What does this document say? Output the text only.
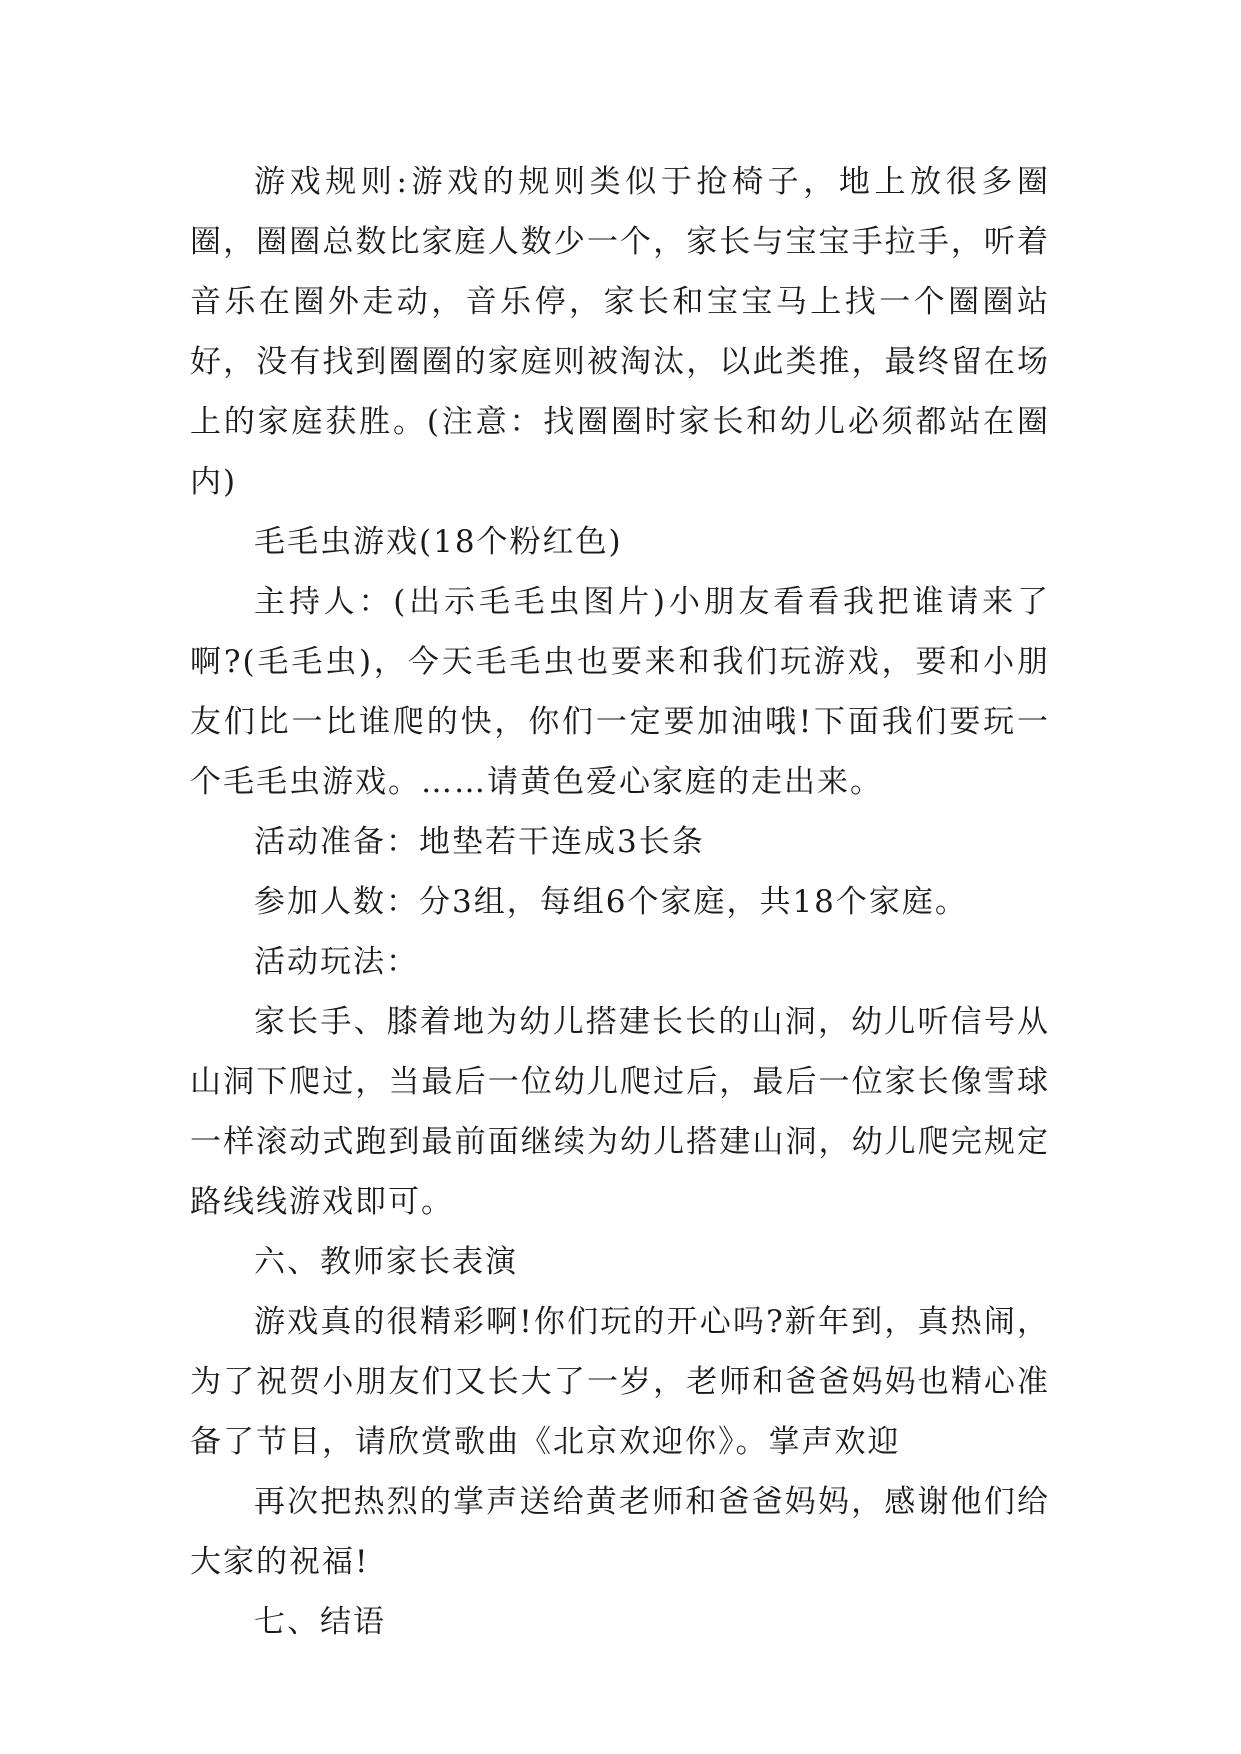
游戏规则:游戏的规则类似于抢椅子，地上放很多圈圈，圈圈总数比家庭人数少一个，家长与宝宝手拉手，听着音乐在圈外走动，音乐停，家长和宝宝马上找一个圈圈站好，没有找到圈圈的家庭则被淘汰，以此类推，最终留在场上的家庭获胜。(注意：找圈圈时家长和幼儿必须都站在圈内)

毛毛虫游戏(18个粉红色)

主持人：(出示毛毛虫图片)小朋友看看我把谁请来了啊?(毛毛虫)，今天毛毛虫也要来和我们玩游戏，要和小朋友们比一比谁爬的快，你们一定要加油哦!下面我们要玩一个毛毛虫游戏。……请黄色爱心家庭的走出来。

活动准备：地垫若干连成3长条

参加人数：分3组，每组6个家庭，共18个家庭。

活动玩法：

家长手、膝着地为幼儿搭建长长的山洞，幼儿听信号从山洞下爬过，当最后一位幼儿爬过后，最后一位家长像雪球一样滚动式跑到最前面继续为幼儿搭建山洞，幼儿爬完规定路线线游戏即可。

六、教师家长表演

游戏真的很精彩啊!你们玩的开心吗?新年到，真热闹，为了祝贺小朋友们又长大了一岁，老师和爸爸妈妈也精心准备了节目，请欣赏歌曲《北京欢迎你》。掌声欢迎

再次把热烈的掌声送给黄老师和爸爸妈妈，感谢他们给大家的祝福!

七、结语
